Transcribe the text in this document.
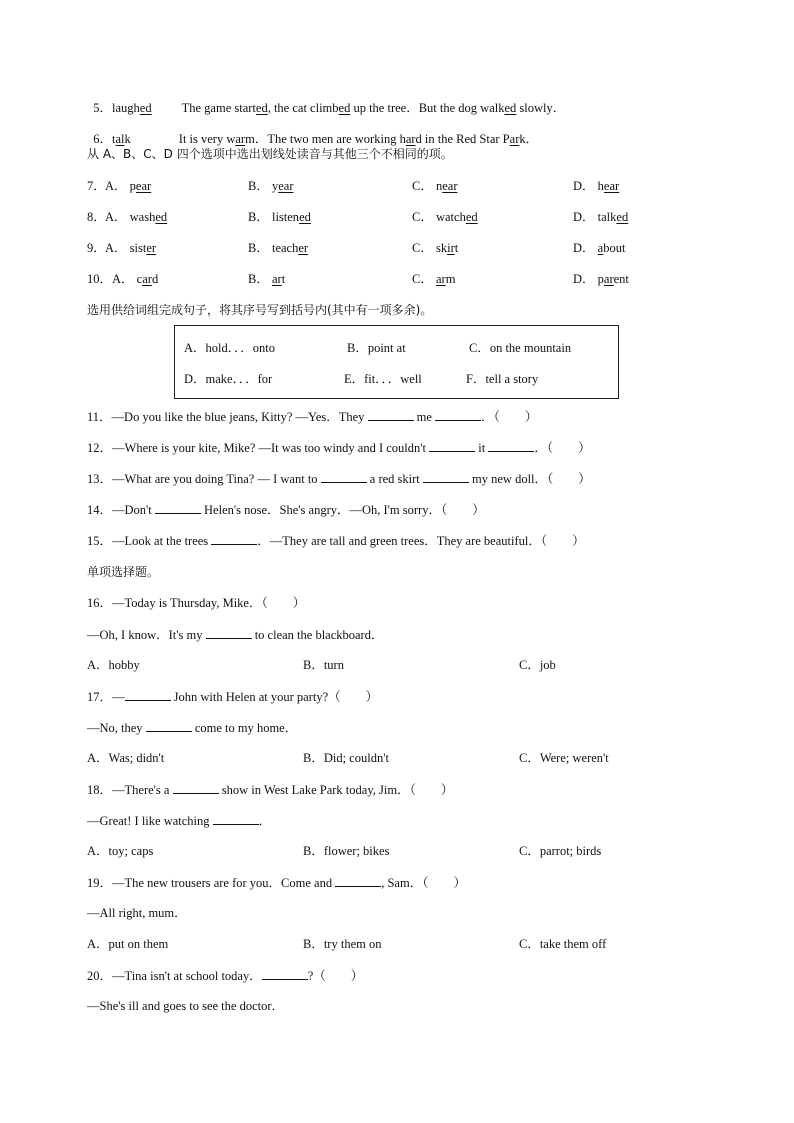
5．laughed The game started, the cat climbed up the tree．But the dog walked slowly．

6．talk	It is very warm．The two men are working hard in the Red Star Park．

从 A、B、C、D 四个选项中选出划线处读音与其他三个不相同的项。
7． A． pear	B． year	C． near	D． hear
8． A． washed	B． listened	C． watched	D． talked
9． A． sister	B． teacher	C． skirt	D． about
10． A． card	B． art	C． arm	D． parent
选用供给词组完成句子，将其序号写到括号内(其中有一项多余)。
A．hold．．．onto	B．point at	C．on the mountain
D．make．．．for	E．fit．．．well	F．tell a story
11．—Do you like the blue jeans, Kitty? —Yes．They	me	．（　　）
12．—Where is your kite, Mike? —It was too windy and I couldn't	it	．（　　）
13．—What are you doing Tina? — I want to	a red skirt	my new doll．（　　）
14．—Don't	Helen's nose．She's angry．—Oh, I'm sorry．（　　）
15．—Look at the trees	．—They are tall and green trees．They are beautiful．（　　）
单项选择题。
16．—Today is Thursday, Mike．（　　）
—Oh, I know．It's my	to clean the blackboard．
A．hobby	B．turn	C．job
17．—	John with Helen at your party?（　　）
—No, they	come to my home．
A．Was; didn't	B．Did; couldn't	C．Were; weren't
18．—There's a	show in West Lake Park today, Jim．（　　）
—Great! I like watching	．
A．toy; caps	B．flower; bikes	C．parrot; birds
19．—The new trousers are for you．Come and	, Sam．（　　）
—All right, mum．
A．put on them	B．try them on	C．take them off
20．—Tina isn't at school today．	?（　　）
—She's ill and goes to see the doctor．
